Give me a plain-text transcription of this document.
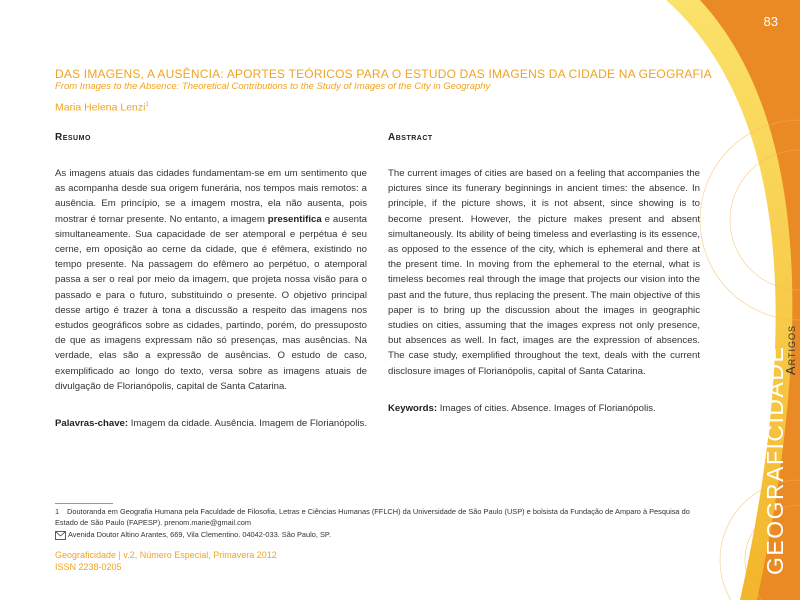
83
GEOGRAFICIDADE
Artigos

DAS IMAGENS, A AUSÊNCIA: APORTES TEÓRICOS PARA O ESTUDO DAS IMAGENS DA CIDADE NA GEOGRAFIA

From Images to the Absence: Theoretical Contributions to the Study of Images of the City in Geography

Maria Helena Lenzi$^1$

Resumo

As imagens atuais das cidades fundamentam-se em um sentimento que as acompanha desde sua origem funerária, nos tempos mais remotos: a ausência. Em princípio, se a imagem mostra, ela não ausenta, pois mostrar é tornar presente. No entanto, a imagem presentifica e ausenta simultaneamente. Sua capacidade de ser atemporal e perpétua é seu cerne, em oposição ao cerne da cidade, que é efêmera, existindo no tempo presente. Na passagem do efêmero ao perpétuo, o atemporal passa a ser o real por meio da imagem, que projeta nossa visão para o passado e para o futuro, substituindo o presente. O objetivo principal desse artigo é trazer à tona a discussão a respeito das imagens nos estudos geográficos sobre as cidades, partindo, porém, do pressuposto de que as imagens expressam não só presenças, mas ausências. Na verdade, elas são a expressão de ausências. O estudo de caso, exemplificado ao longo do texto, versa sobre as imagens atuais de divulgação de Florianópolis, capital de Santa Catarina.

Palavras-chave: Imagem da cidade. Ausência. Imagem de Florianópolis.

Abstract

The current images of cities are based on a feeling that accompanies the pictures since its funerary beginnings in ancient times: the absence. In principle, if the picture shows, it is not absent, since showing is to become present. However, the picture makes present and absent simultaneously. Its ability of being timeless and everlasting is its essence, as opposed to the essence of the city, which is ephemeral and there at the present time. In moving from the ephemeral to the eternal, what is timeless becomes real through the image that projects our vision into the past and the future, thus replacing the present. The main objective of this paper is to bring up the discussion about the images in geographic studies on cities, assuming that the images express not only presence, but absences as well. In fact, images are the expression of absences. The case study, exemplified throughout the text, deals with the current disclosure images of Florianópolis, capital of Santa Catarina.

Keywords: Images of cities. Absence. Images of Florianópolis.

1 Doutoranda em Geografia Humana pela Faculdade de Filosofia, Letras e Ciências Humanas (FFLCH) da Universidade de São Paulo (USP) e bolsista da Fundação de Amparo à Pesquisa do Estado de São Paulo (FAPESP). prenom.marie@gmail.com
Avenida Doutor Altino Arantes, 669, Vila Clementino. 04042-033. São Paulo, SP.
Geograficidade | v.2, Número Especial, Primavera 2012
ISSN 2238-0205
